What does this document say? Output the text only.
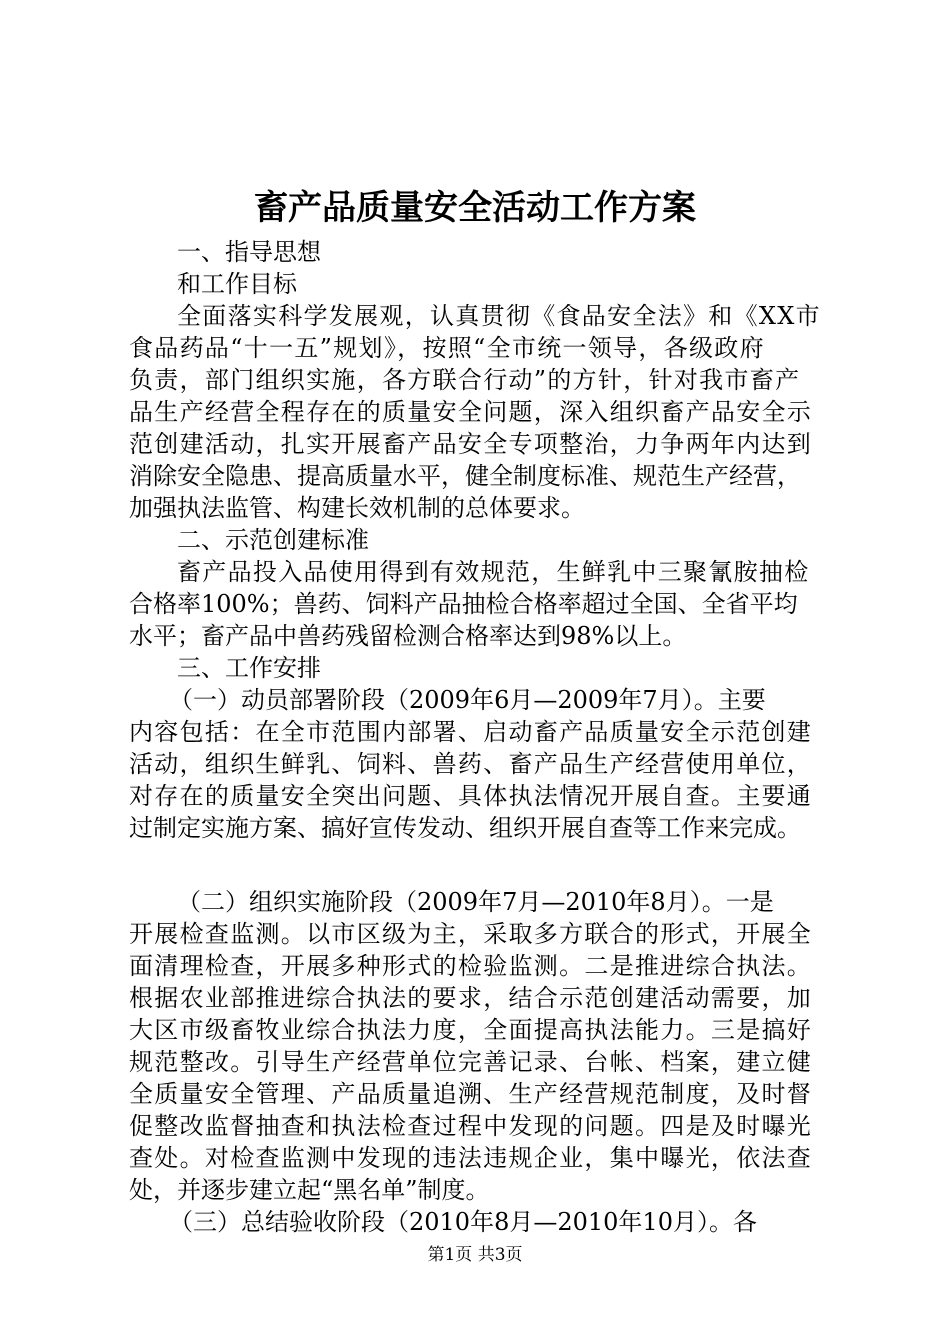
畜产品质量安全活动工作方案

一、指导思想

和工作目标

全面落实科学发展观，认真贯彻《食品安全法》和《XX市

食品药品“十一五”规划》，按照“全市统一领导，各级政府

负责，部门组织实施，各方联合行动”的方针，针对我市畜产

品生产经营全程存在的质量安全问题，深入组织畜产品安全示

范创建活动，扎实开展畜产品安全专项整治，力争两年内达到

消除安全隐患、提高质量水平，健全制度标准、规范生产经营，

加强执法监管、构建长效机制的总体要求。

二、示范创建标准

畜产品投入品使用得到有效规范，生鲜乳中三聚氰胺抽检

合格率100%；兽药、饲料产品抽检合格率超过全国、全省平均

水平；畜产品中兽药残留检测合格率达到98%以上。

三、工作安排

（一）动员部署阶段（2009年6月—2009年7月）。主要

内容包括：在全市范围内部署、启动畜产品质量安全示范创建

活动，组织生鲜乳、饲料、兽药、畜产品生产经营使用单位，

对存在的质量安全突出问题、具体执法情况开展自查。主要通

过制定实施方案、搞好宣传发动、组织开展自查等工作来完成。

（二）组织实施阶段（2009年7月—2010年8月）。一是

开展检查监测。以市区级为主，采取多方联合的形式，开展全

面清理检查，开展多种形式的检验监测。二是推进综合执法。

根据农业部推进综合执法的要求，结合示范创建活动需要，加

大区市级畜牧业综合执法力度，全面提高执法能力。三是搞好

规范整改。引导生产经营单位完善记录、台帐、档案，建立健

全质量安全管理、产品质量追溯、生产经营规范制度，及时督

促整改监督抽查和执法检查过程中发现的问题。四是及时曝光

查处。对检查监测中发现的违法违规企业，集中曝光，依法查

处，并逐步建立起“黑名单”制度。

（三）总结验收阶段（2010年8月—2010年10月）。各

第1页 共3页
